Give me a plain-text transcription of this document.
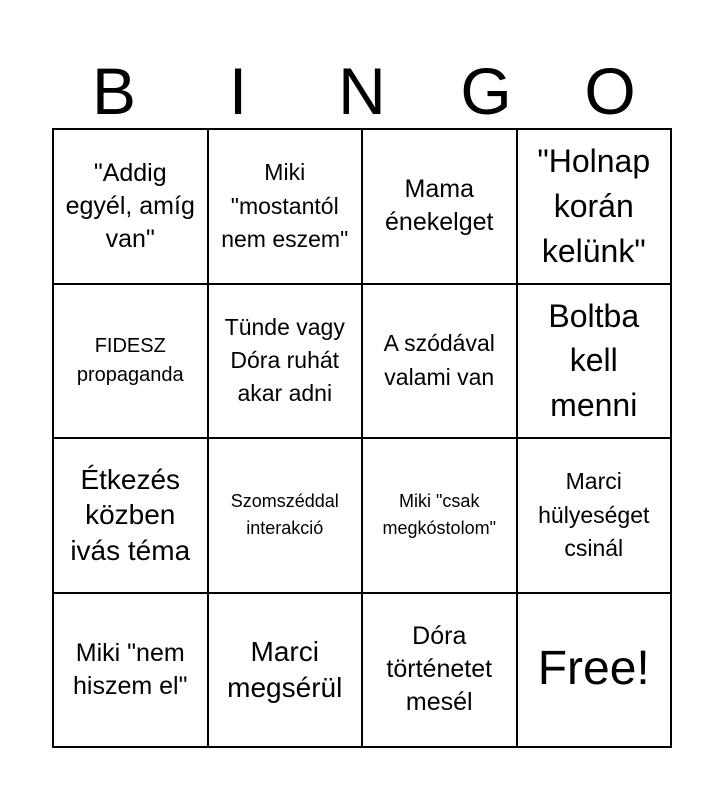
B	I	N	G	O
"Addig egyél, amíg van"
Miki "mostantól nem eszem"
Mama énekelget
"Holnap korán kelünk"
FIDESZ propaganda
Tünde vagy Dóra ruhát akar adni
A szódával valami van
Boltba kell menni
Étkezés közben ivás téma
Szomszéddal interakció
Miki "csak megkóstolom"
Marci hülyeséget csinál
Miki "nem hiszem el"
Marci megsérül
Dóra történetet mesél
Free!
